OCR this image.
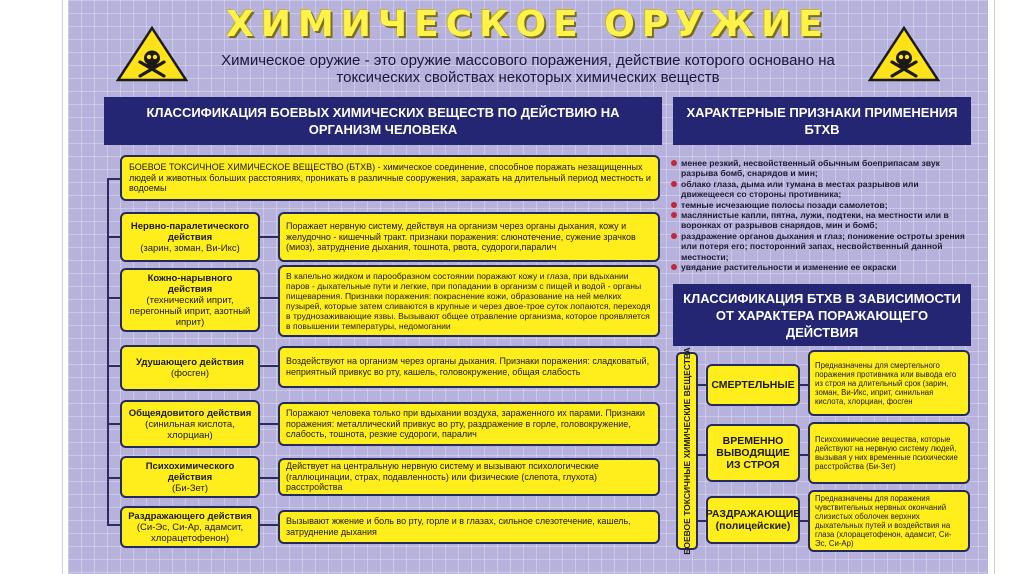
ХИМИЧЕСКОЕ ОРУЖИЕ
Химическое оружие - это оружие массового поражения, действие которого основано на токсических свойствах некоторых химических веществ
КЛАССИФИКАЦИЯ БОЕВЫХ ХИМИЧЕСКИХ ВЕЩЕСТВ ПО ДЕЙСТВИЮ НА ОРГАНИЗМ ЧЕЛОВЕКА
БОЕВОЕ ТОКСИЧНОЕ ХИМИЧЕСКОЕ ВЕЩЕСТВО (БТХВ) - химическое соединение, способное поражать незащищенных людей и животных больших расстояниях, проникать в различные сооружения, заражать на длительный период местность и водоемы
Нервно-паралетического действия
(зарин, зоман, Ви-Икс)
Поражает нервную систему, действуя на организм через органы дыхания, кожу и желудочно - кишечный тракт. признаки поражения: слюнотечение, сужение зрачков (миоз), затруднение дыхания, тошнота, рвота, судороги,паралич
Кожно-нарывного действия
(технический иприт, перегонный иприт, азотный иприт)
В капельно жидком и парообразном состоянии поражают кожу и глаза, при вдыхании паров - дыхательные пути и легкие, при попадании в организм с пищей и водой - органы пищеварения. Признаки поражения: покраснение кожи, образование на ней мелких пузырей, которые затем сливаются в крупные и через двое-трое суток лопаются, переходя в труднозаживающие язвы. Вызывают общее отравление организма, которое проявляется в повышении температуры, недомогании
Удушающего действия
(фосген)
Воздействуют на организм через органы дыхания. Признаки поражения: сладковатый, неприятный привкус во рту, кашель, головокружение, общая слабость
Общеядовитого действия
(синильная кислота, хлорциан)
Поражают человека только при вдыхании воздуха, зараженного их парами. Признаки поражения: металлический привкус во рту, раздражение в горле, головокружение, слабость, тошнота, резкие судороги, паралич
Психохимического действия
(Би-Зет)
Действует на центральную нервную систему и вызывают психологические (галлюцинации, страх, подавленность) или физические (слепота, глухота) расстройства
Раздражающего действия
(Си-Эс, Си-Ар, адамсит, хлорацетофенон)
Вызывают жжение и боль во рту, горле и в глазах, сильное слезотечение, кашель, затруднение дыхания
ХАРАКТЕРНЫЕ ПРИЗНАКИ ПРИМЕНЕНИЯ БТХВ
менее резкий, несвойственный обычным боеприпасам звук разрыва бомб, снарядов и мин;
облако глаза, дыма или тумана в местах разрывов или движещееся со стороны противника;
темные исчезающие полосы позади самолетов;
маслянистые капли, пятна, лужи, подтеки, на местности или в воронках от разрывов снарядов, мин и бомб;
раздражение органов дыхания и глаз; понижение остроты зрения или потеря его; посторонний запах, несвойственный данной местности;
увядание растительности и изменение ее окраски
КЛАССИФИКАЦИЯ БТХВ В ЗАВИСИМОСТИ ОТ ХАРАКТЕРА ПОРАЖАЮЩЕГО ДЕЙСТВИЯ
БОЕВОЕ ТОКСИЧНЫЕ ХИМИЧЕСКИЕ ВЕЩЕСТВА	СМЕРТЕЛЬНЫЕ
Предназначены для смертельного поражения противника или вывода его из строя на длительный срок (зарин, зоман, Ви-Икс, иприт, синильная кислота, хлорциан, фосген
ВРЕМЕННО ВЫВОДЯЩИЕ ИЗ СТРОЯ
Психохимические вещества, которые действуют на нервную систему людей, вызывая у них временные психические расстройства (Би-Зет)
РАЗДРАЖАЮЩИЕ (полицейские)
Предназначены для поражения чувствительных нервных окончаний слизистых оболочек верхних дыхательных путей и воздействия на глаза (хлорацетофенон, адамсит, Си-Эс, Си-Ар)
